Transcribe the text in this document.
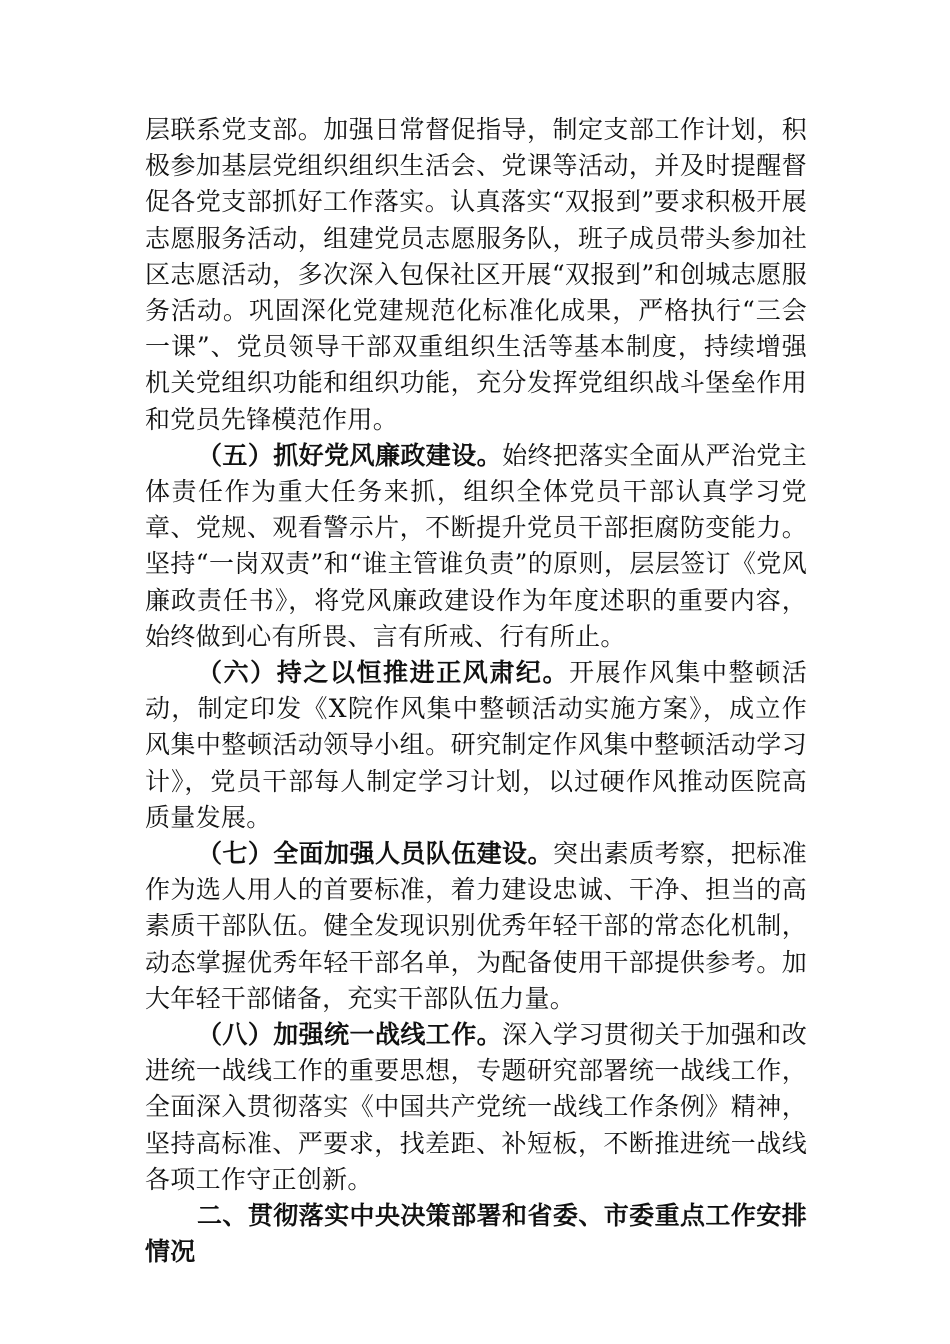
层联系党支部。加强日常督促指导，制定支部工作计划，积极参加基层党组织组织生活会、党课等活动，并及时提醒督促各党支部抓好工作落实。认真落实“双报到”要求积极开展志愿服务活动，组建党员志愿服务队，班子成员带头参加社区志愿活动，多次深入包保社区开展“双报到”和创城志愿服务活动。巩固深化党建规范化标准化成果，严格执行“三会一课”、党员领导干部双重组织生活等基本制度，持续增强机关党组织功能和组织功能，充分发挥党组织战斗堡垒作用和党员先锋模范作用。

（五）抓好党风廉政建设。始终把落实全面从严治党主体责任作为重大任务来抓，组织全体党员干部认真学习党章、党规、观看警示片，不断提升党员干部拒腐防变能力。坚持“一岗双责”和“谁主管谁负责”的原则，层层签订《党风廉政责任书》，将党风廉政建设作为年度述职的重要内容，始终做到心有所畏、言有所戒、行有所止。

（六）持之以恒推进正风肃纪。开展作风集中整顿活动，制定印发《X院作风集中整顿活动实施方案》，成立作风集中整顿活动领导小组。研究制定作风集中整顿活动学习计》，党员干部每人制定学习计划，以过硬作风推动医院高质量发展。

（七）全面加强人员队伍建设。突出素质考察，把标准作为选人用人的首要标准，着力建设忠诚、干净、担当的高素质干部队伍。健全发现识别优秀年轻干部的常态化机制，动态掌握优秀年轻干部名单，为配备使用干部提供参考。加大年轻干部储备，充实干部队伍力量。

（八）加强统一战线工作。深入学习贯彻关于加强和改进统一战线工作的重要思想，专题研究部署统一战线工作，全面深入贯彻落实《中国共产党统一战线工作条例》精神，坚持高标准、严要求，找差距、补短板，不断推进统一战线各项工作守正创新。

二、贯彻落实中央决策部署和省委、市委重点工作安排情况
